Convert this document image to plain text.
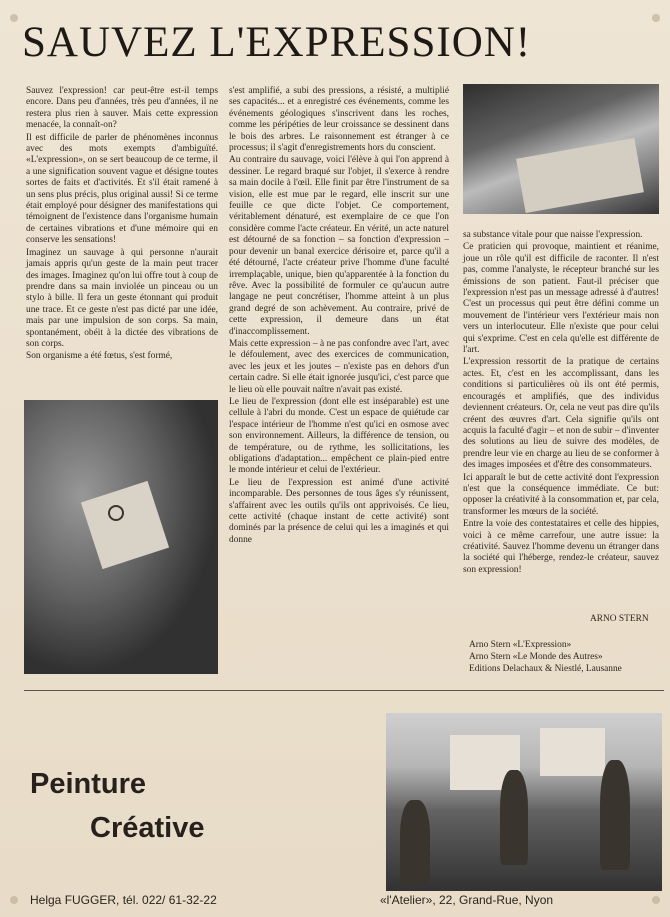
SAUVEZ L'EXPRESSION!

Sauvez l'expression! car peut-être est-il temps encore. Dans peu d'années, très peu d'années, il ne restera plus rien à sauver. Mais cette expression menacée, la connaît-on?

Il est difficile de parler de phénomènes inconnus avec des mots exempts d'ambiguïté. «L'expression», on se sert beaucoup de ce terme, il a une signification souvent vague et désigne toutes sortes de faits et d'activités. Et s'il était ramené à un sens plus précis, plus original aussi! Si ce terme était employé pour désigner des manifestations qui témoignent de l'existence dans l'organisme humain de certaines vibrations et d'une mémoire qui en conserve les sensations!

Imaginez un sauvage à qui personne n'aurait jamais appris qu'un geste de la main peut tracer des images. Imaginez qu'on lui offre tout à coup de prendre dans sa main inviolée un pinceau ou un stylo à bille. Il fera un geste étonnant qui produit une trace. Et ce geste n'est pas dicté par une idée, mais par une impulsion de son corps. Sa main, spontanément, obéit à la dictée des vibrations de son corps.

Son organisme a été fœtus, s'est formé,

s'est amplifié, a subi des pressions, a résisté, a multiplié ses capacités... et a enregistré ces événements, comme les événements géologiques s'inscrivent dans les roches, comme les péripéties de leur croissance se dessinent dans le bois des arbres. Le raisonnement est étranger à ce processus; il s'agit d'enregistrements hors du conscient.

Au contraire du sauvage, voici l'élève à qui l'on apprend à dessiner. Le regard braqué sur l'objet, il s'exerce à rendre sa main docile à l'œil. Elle finit par être l'instrument de sa vision, elle est mue par le regard, elle inscrit sur une feuille ce que dicte l'objet. Ce comportement, véritablement dénaturé, est exemplaire de ce que l'on considère comme l'acte créateur. En vérité, un acte naturel est détourné de sa fonction – sa fonction d'expression – pour devenir un banal exercice dérisoire et, parce qu'il a été détourné, l'acte créateur prive l'homme d'une faculté irremplaçable, unique, bien qu'apparentée à la fonction du rêve. Avec la possibilité de formuler ce qu'aucun autre langage ne peut concrétiser, l'homme atteint à un plus grand degré de son achèvement. Au contraire, privé de cette expression, il demeure dans un état d'inaccomplissement.

Mais cette expression – à ne pas confondre avec l'art, avec le défoulement, avec des exercices de communication, avec les jeux et les joutes – n'existe pas en dehors d'un certain cadre. Si elle était ignorée jusqu'ici, c'est parce que le lieu où elle pouvait naître n'avait pas existé.

Le lieu de l'expression (dont elle est inséparable) est une cellule à l'abri du monde. C'est un espace de quiétude car l'espace intérieur de l'homme n'est qu'ici en osmose avec son environnement. Ailleurs, la différence de tension, ou de température, ou de rythme, les sollicitations, les obligations d'adaptation... empêchent ce plain-pied entre le monde intérieur et celui de l'extérieur.

Le lieu de l'expression est animé d'une activité incomparable. Des personnes de tous âges s'y réunissent, s'affairent avec les outils qu'ils ont apprivoisés. Ce lieu, cette activité (chaque instant de cette activité) sont dominés par la présence de celui qui les a imaginés et qui donne

sa substance vitale pour que naisse l'expression.

Ce praticien qui provoque, maintient et réanime, joue un rôle qu'il est difficile de raconter. Il n'est pas, comme l'analyste, le récepteur branché sur les émissions de son patient. Faut-il préciser que l'expression n'est pas un message adressé à d'autres! C'est un processus qui peut être défini comme un mouvement de l'intérieur vers l'extérieur mais non vers un interlocuteur. Elle n'existe que pour celui qui s'exprime. C'est en cela qu'elle est différente de l'art.

L'expression ressortit de la pratique de certains actes. Et, c'est en les accomplissant, dans les conditions si particulières où ils ont été permis, encouragés et amplifiés, que des individus deviennent créateurs. Or, cela ne veut pas dire qu'ils créent des œuvres d'art. Cela signifie qu'ils ont acquis la faculté d'agir – et non de subir – d'inventer des solutions au lieu de suivre des modèles, de prendre leur vie en charge au lieu de se conformer à des images imposées et d'être des consommateurs.

Ici apparaît le but de cette activité dont l'expression n'est que la conséquence immédiate. Ce but: opposer la créativité à la consommation et, par cela, transformer les mœurs de la société.

Entre la voie des contestataires et celle des hippies, voici à ce même carrefour, une autre issue: la créativité. Sauvez l'homme devenu un étranger dans la société qui l'héberge, rendez-le créateur, sauvez son expression!

ARNO STERN
Arno Stern «L'Expression»
Arno Stern «Le Monde des Autres»
Editions Delachaux & Niestlé, Lausanne
Peinture
Créative
Helga FUGGER, tél. 022/ 61-32-22	«l'Atelier», 22, Grand-Rue, Nyon
